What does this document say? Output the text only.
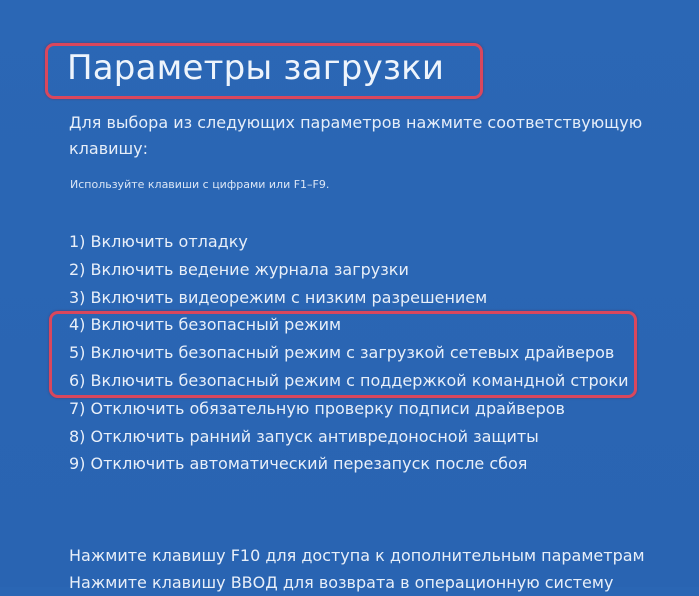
Параметры загрузки
Для выбора из следующих параметров нажмите соответствующую клавишу:
Используйте клавиши с цифрами или F1–F9.
1) Включить отладку
2) Включить ведение журнала загрузки
3) Включить видеорежим с низким разрешением
4) Включить безопасный режим
5) Включить безопасный режим с загрузкой сетевых драйверов
6) Включить безопасный режим с поддержкой командной строки
7) Отключить обязательную проверку подписи драйверов
8) Отключить ранний запуск антивредоносной защиты
9) Отключить автоматический перезапуск после сбоя
Нажмите клавишу F10 для доступа к дополнительным параметрам
Нажмите клавишу ВВОД для возврата в операционную систему
